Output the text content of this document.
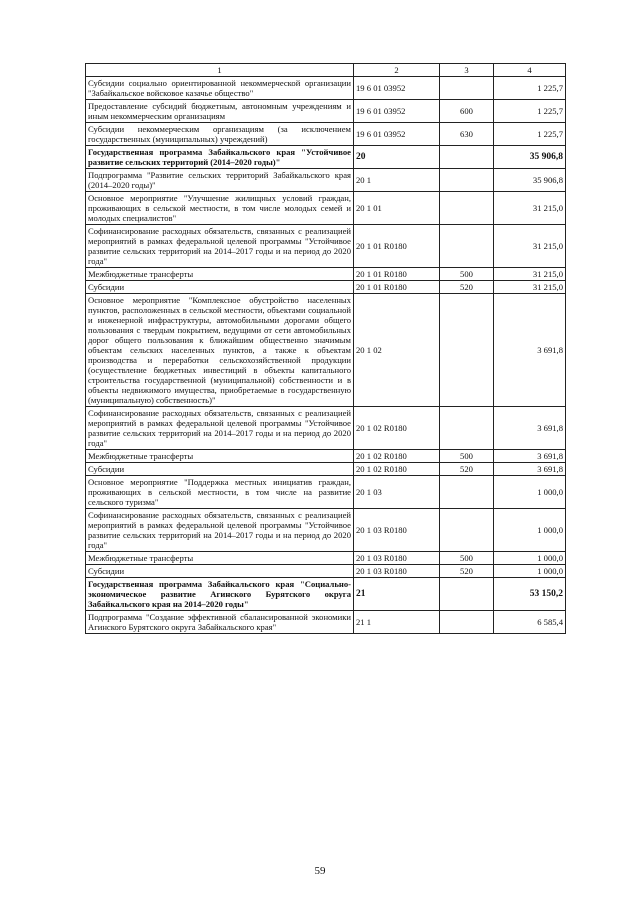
1	2	3	4
Субсидии социально ориентированной некоммерческой организации "Забайкальское войсковое казачье общество"	19 6 01 03952		1 225,7
Предоставление субсидий бюджетным, автономным учреждениям и иным некоммерческим организациям	19 6 01 03952	600	1 225,7
Субсидии некоммерческим организациям (за исключением государственных (муниципальных) учреждений)	19 6 01 03952	630	1 225,7
Государственная программа Забайкальского края "Устойчивое развитие сельских территорий (2014–2020 годы)"	20		35 906,8
Подпрограмма "Развитие сельских территорий Забайкальского края (2014–2020 годы)"	20 1		35 906,8
Основное мероприятие "Улучшение жилищных условий граждан, проживающих в сельской местности, в том числе молодых семей и молодых специалистов"	20 1 01		31 215,0
Софинансирование расходных обязательств, связанных с реализацией мероприятий в рамках федеральной целевой программы "Устойчивое развитие сельских территорий на 2014–2017 годы и на период до 2020 года"	20 1 01 R0180		31 215,0
Межбюджетные трансферты	20 1 01 R0180	500	31 215,0
Субсидии	20 1 01 R0180	520	31 215,0
Основное мероприятие "Комплексное обустройство населенных пунктов, расположенных в сельской местности, объектами социальной и инженерной инфраструктуры, автомобильными дорогами общего пользования с твердым покрытием, ведущими от сети автомобильных дорог общего пользования к ближайшим общественно значимым объектам сельских населенных пунктов, а также к объектам производства и переработки сельскохозяйственной продукции (осуществление бюджетных инвестиций в объекты капитального строительства государственной (муниципальной) собственности и в объекты недвижимого имущества, приобретаемые в государственную (муниципальную) собственность)"	20 1 02		3 691,8
Софинансирование расходных обязательств, связанных с реализацией мероприятий в рамках федеральной целевой программы "Устойчивое развитие сельских территорий на 2014–2017 годы и на период до 2020 года"	20 1 02 R0180		3 691,8
Межбюджетные трансферты	20 1 02 R0180	500	3 691,8
Субсидии	20 1 02 R0180	520	3 691,8
Основное мероприятие "Поддержка местных инициатив граждан, проживающих в сельской местности, в том числе на развитие сельского туризма"	20 1 03		1 000,0
Софинансирование расходных обязательств, связанных с реализацией мероприятий в рамках федеральной целевой программы "Устойчивое развитие сельских территорий на 2014–2017 годы и на период до 2020 года"	20 1 03 R0180		1 000,0
Межбюджетные трансферты	20 1 03 R0180	500	1 000,0
Субсидии	20 1 03 R0180	520	1 000,0
Государственная программа Забайкальского края "Социально-экономическое развитие Агинского Бурятского округа Забайкальского края на 2014–2020 годы"	21		53 150,2
Подпрограмма "Создание эффективной сбалансированной экономики Агинского Бурятского округа Забайкальского края"	21 1		6 585,4
59
